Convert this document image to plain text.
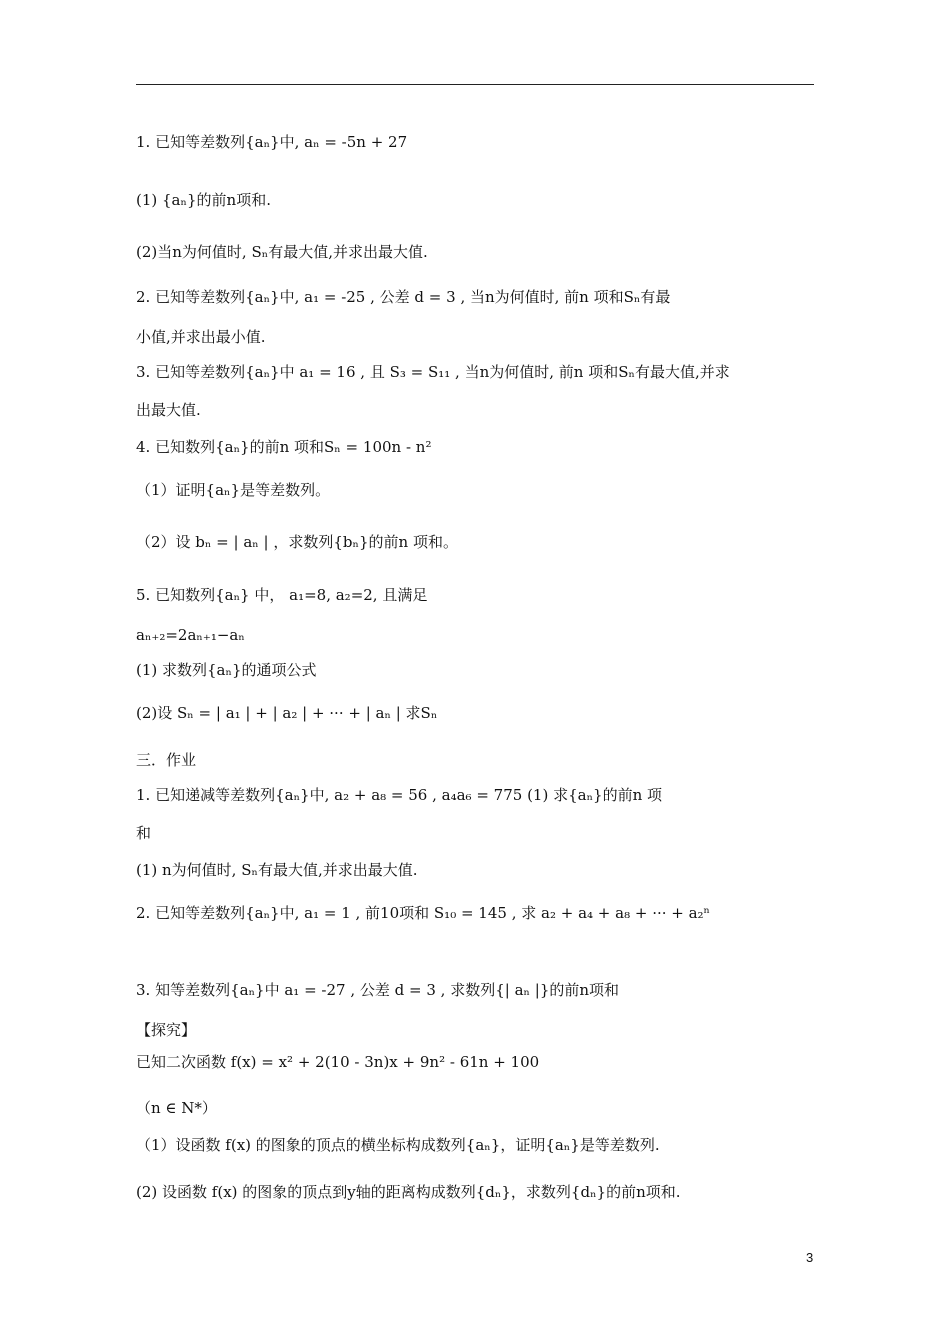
1. 已知等差数列{aₙ}中, aₙ = -5n + 27
(1) {aₙ}的前n项和.
(2)当n为何值时, Sₙ有最大值,并求出最大值.
2. 已知等差数列{aₙ}中, a₁ = -25 , 公差 d = 3 , 当n为何值时, 前n 项和Sₙ有最
小值,并求出最小值.
3. 已知等差数列{aₙ}中 a₁ = 16 , 且 S₃ = S₁₁ , 当n为何值时, 前n 项和Sₙ有最大值,并求
出最大值.
4. 已知数列{aₙ}的前n 项和Sₙ = 100n - n²
（1）证明{aₙ}是等差数列。
（2）设 bₙ = | aₙ | ，求数列{bₙ}的前n 项和。
5. 已知数列{aₙ} 中， a₁=8, a₂=2, 且满足
aₙ₊₂=2aₙ₊₁−aₙ
(1) 求数列{aₙ}的通项公式
(2)设 Sₙ = | a₁ | + | a₂ | + ··· + | aₙ | 求Sₙ
三．作业
1. 已知递减等差数列{aₙ}中, a₂ + a₈ = 56 , a₄a₆ = 775 (1) 求{aₙ}的前n 项
和
(1) n为何值时, Sₙ有最大值,并求出最大值.
2. 已知等差数列{aₙ}中, a₁ = 1 , 前10项和 S₁₀ = 145 , 求 a₂ + a₄ + a₈ + ··· + a₂ⁿ
3. 知等差数列{aₙ}中 a₁ = -27 , 公差 d = 3 , 求数列{| aₙ |}的前n项和
【探究】
已知二次函数 f(x) = x² + 2(10 - 3n)x + 9n² - 61n + 100
（n ∈ N*）
（1）设函数 f(x) 的图象的顶点的横坐标构成数列{aₙ}，证明{aₙ}是等差数列.
(2) 设函数 f(x) 的图象的顶点到y轴的距离构成数列{dₙ}，求数列{dₙ}的前n项和.
3
